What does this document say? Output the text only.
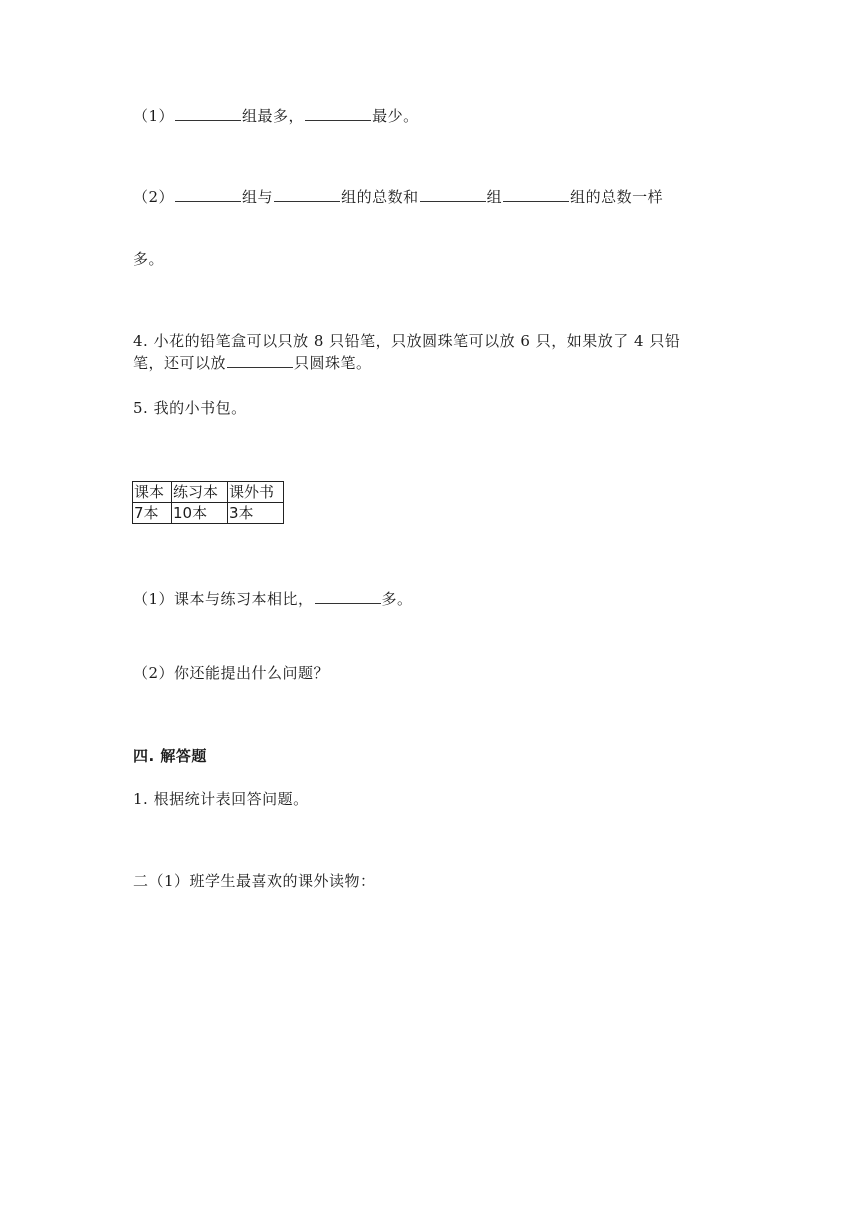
（1）	组最多，	最少。
（2）	组与	组的总数和	组	组的总数一样
多。
4. 小花的铅笔盒可以只放 8 只铅笔，只放圆珠笔可以放 6 只，如果放了 4 只铅
笔，还可以放	只圆珠笔。
5. 我的小书包。
课本	练习本	课外书
7本	10本	3本
（1）课本与练习本相比，	多。
（2）你还能提出什么问题？
四. 解答题
1. 根据统计表回答问题。
二（1）班学生最喜欢的课外读物：
